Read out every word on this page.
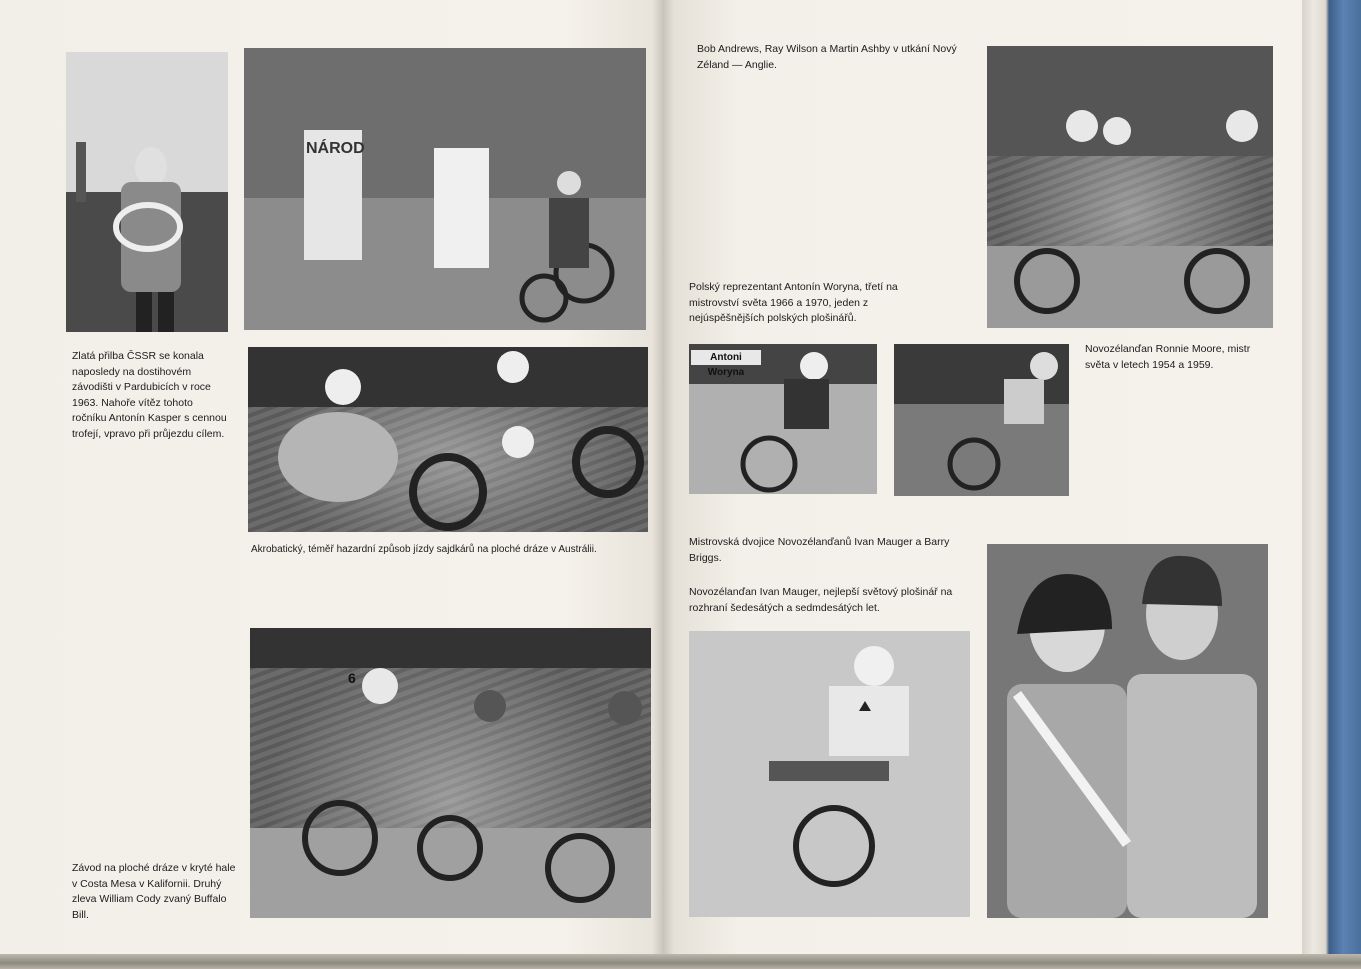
NÁROD
6
Zlatá přilba ČSSR se konala naposledy na dostihovém závodišti v Pardubicích v roce 1963. Nahoře vítěz tohoto ročníku Antonín Kasper s cennou trofejí, vpravo při průjezdu cílem.
Akrobatický, téměř hazardní způsob jízdy sajdkárů na ploché dráze v Austrálii.
Závod na ploché dráze v kryté hale v Costa Mesa v Kalifornii. Druhý zleva William Cody zvaný Buffalo Bill.
Antoni Woryna
Bob Andrews, Ray Wilson a Martin Ashby v utkání Nový Zéland — Anglie.
Polský reprezentant Antonín Woryna, třetí na mistrovství světa 1966 a 1970, jeden z nejúspěšnějších polských plošinářů.
Novozélanďan Ronnie Moore, mistr světa v letech 1954 a 1959.
Mistrovská dvojice Novozélanďanů Ivan Mauger a Barry Briggs.
Novozélanďan Ivan Mauger, nejlepší světový plošinář na rozhraní šedesátých a sedmdesátých let.
